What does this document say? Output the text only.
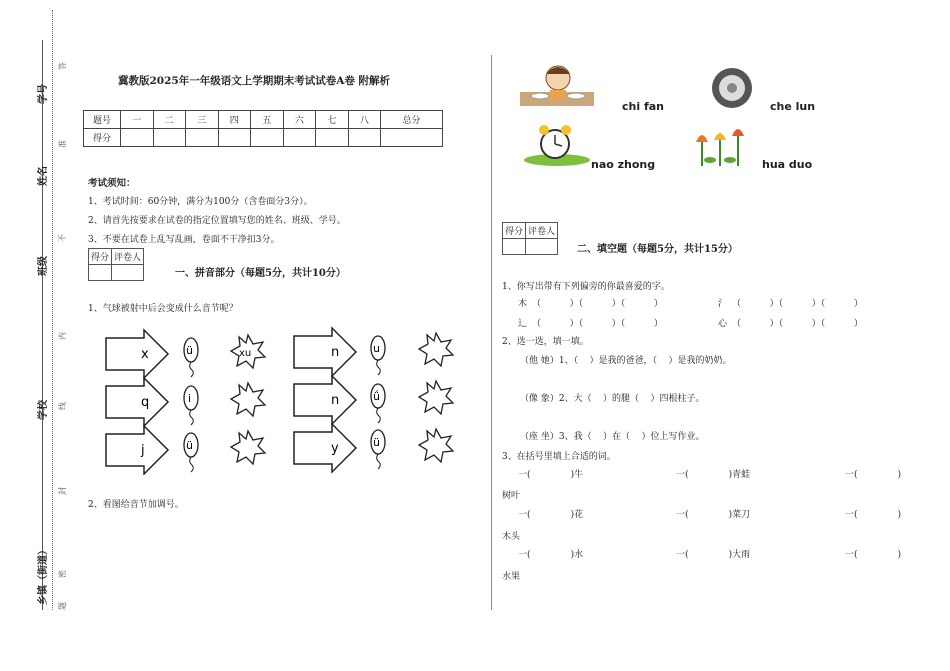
学号
姓名
班级
学校
乡镇（街道）
答
准
不
内
线
封
密
题
冀教版2025年一年级语文上学期期末考试试卷A卷 附解析
题号	一	二	三	四	五	六	七	八	总分
得分									
考试须知：
1、考试时间：60分钟，满分为100分（含卷面分3分）。
2、请首先按要求在试卷的指定位置填写您的姓名、班级、学号。
3、不要在试卷上乱写乱画，卷面不干净扣3分。
得分	评卷人

一、拼音部分（每题5分，共计10分）
1、气球被射中后会变成什么音节呢？
x
q
j
ü
i
ü
xu	n
n
y
u
ǘ
ü
2、看图给音节加调号。
chi fan	che lun
nao zhong	hua duo
得分	评卷人

二、填空题（每题5分，共计15分）
1、你写出带有下列偏旁的你最喜爱的字。
木 （          ）（          ）（          ）	氵 （          ）（          ）（          ）
辶 （          ）（          ）（          ）	心 （          ）（          ）（          ）
2、选一选，填一填。
（他 她）1、（    ）是我的爸爸，（    ）是我的奶奶。
（像 象）2、大（    ）的腿（    ）四根柱子。
（座 坐）3、我（    ）在（    ）位上写作业。
3、在括号里填上合适的词。
一(              )牛	一(              )青蛙	一(              )
树叶
一(              )花	一(              )菜刀	一(              )
木头
一(              )水	一(              )大雨	一(              )
水果
